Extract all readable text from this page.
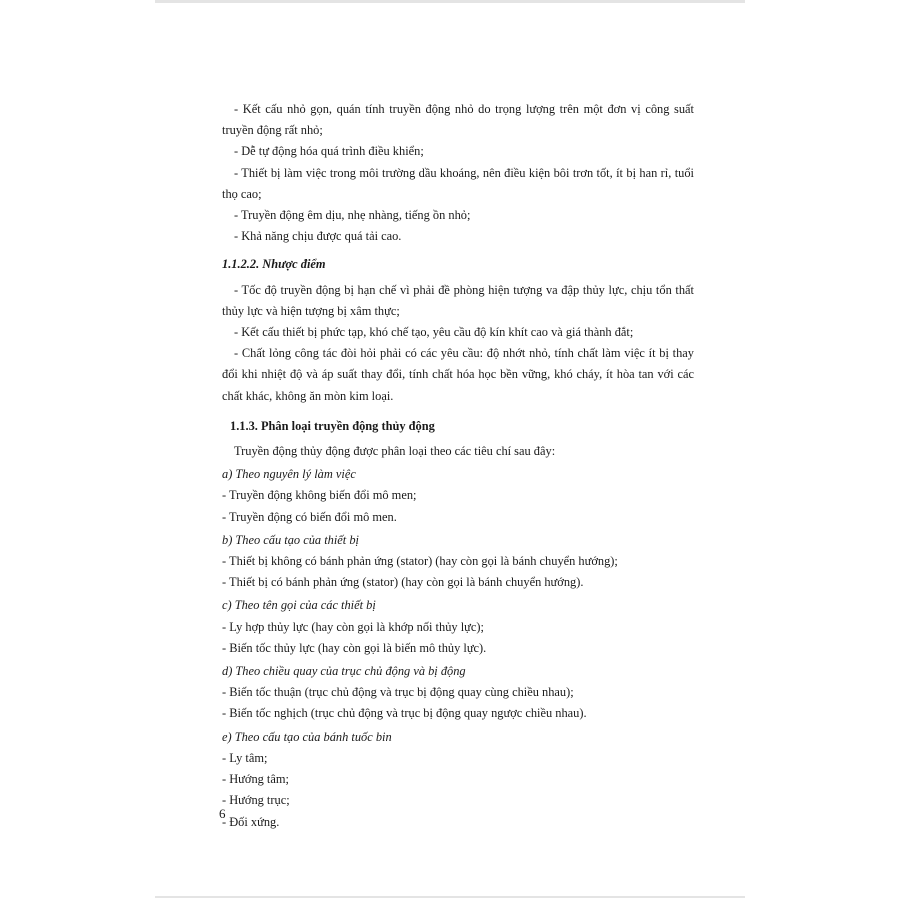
- Kết cấu nhỏ gọn, quán tính truyền động nhỏ do trọng lượng trên một đơn vị công suất truyền động rất nhỏ;

- Dễ tự động hóa quá trình điều khiển;

- Thiết bị làm việc trong môi trường dầu khoáng, nên điều kiện bôi trơn tốt, ít bị han rỉ, tuổi thọ cao;

- Truyền động êm dịu, nhẹ nhàng, tiếng ồn nhỏ;

- Khả năng chịu được quá tải cao.

1.1.2.2. Nhược điểm

- Tốc độ truyền động bị hạn chế vì phải đề phòng hiện tượng va đập thủy lực, chịu tổn thất thủy lực và hiện tượng bị xâm thực;

- Kết cấu thiết bị phức tạp, khó chế tạo, yêu cầu độ kín khít cao và giá thành đắt;

- Chất lỏng công tác đòi hỏi phải có các yêu cầu: độ nhớt nhỏ, tính chất làm việc ít bị thay đổi khi nhiệt độ và áp suất thay đổi, tính chất hóa học bền vững, khó cháy, ít hòa tan với các chất khác, không ăn mòn kim loại.

1.1.3. Phân loại truyền động thủy động

Truyền động thủy động được phân loại theo các tiêu chí sau đây:

a) Theo nguyên lý làm việc

- Truyền động không biến đổi mô men;

- Truyền động có biến đổi mô men.

b) Theo cấu tạo của thiết bị

- Thiết bị không có bánh phản ứng (stator) (hay còn gọi là bánh chuyển hướng);

- Thiết bị có bánh phản ứng (stator) (hay còn gọi là bánh chuyển hướng).

c) Theo tên gọi của các thiết bị

- Ly hợp thủy lực (hay còn gọi là khớp nối thủy lực);

- Biến tốc thủy lực (hay còn gọi là biến mô thủy lực).

d) Theo chiều quay của trục chủ động và bị động

- Biến tốc thuận (trục chủ động và trục bị động quay cùng chiều nhau);

- Biến tốc nghịch (trục chủ động và trục bị động quay ngược chiều nhau).

e) Theo cấu tạo của bánh tuốc bin

- Ly tâm;

- Hướng tâm;

- Hướng trục;

- Đối xứng.

6
